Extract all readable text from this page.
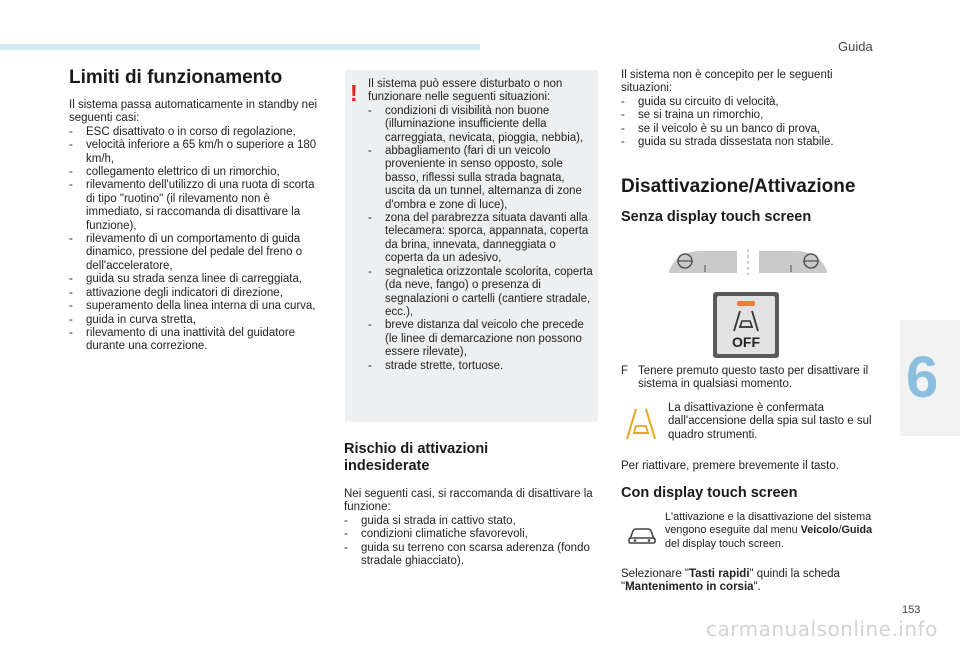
Guida
6
153
carmanualsonline.info

Limiti di funzionamento

Il sistema passa automaticamente in standby nei seguenti casi:

-	ESC disattivato o in corso di regolazione,
-	velocità inferiore a 65 km/h o superiore a 180 km/h,
-	collegamento elettrico di un rimorchio,
-	rilevamento dell'utilizzo di una ruota di scorta di tipo "ruotino" (il rilevamento non è immediato, si raccomanda di disattivare la funzione),
-	rilevamento di un comportamento di guida dinamico, pressione del pedale del freno o dell'acceleratore,
-	guida su strada senza linee di carreggiata,
-	attivazione degli indicatori di direzione,
-	superamento della linea interna di una curva,
-	guida in curva stretta,
-	rilevamento di una inattività del guidatore durante una correzione.
! Il sistema può essere disturbato o non funzionare nelle seguenti situazioni:

-	condizioni di visibilità non buone (illuminazione insufficiente della carreggiata, nevicata, pioggia, nebbia),
-	abbagliamento (fari di un veicolo proveniente in senso opposto, sole basso, riflessi sulla strada bagnata, uscita da un tunnel, alternanza di zone d'ombra e zone di luce),
-	zona del parabrezza situata davanti alla telecamera: sporca, appannata, coperta da brina, innevata, danneggiata o coperta da un adesivo,
-	segnaletica orizzontale scolorita, coperta (da neve, fango) o presenza di segnalazioni o cartelli (cantiere stradale, ecc.),
-	breve distanza dal veicolo che precede (le linee di demarcazione non possono essere rilevate),
-	strade strette, tortuose.

Rischio di attivazioni

indesiderate

Nei seguenti casi, si raccomanda di disattivare la funzione:

-	guida si strada in cattivo stato,
-	condizioni climatiche sfavorevoli,
-	guida su terreno con scarsa aderenza (fondo stradale ghiacciato).

Il sistema non è concepito per le seguenti situazioni:

-	guida su circuito di velocità,
-	se si traina un rimorchio,
-	se il veicolo è su un banco di prova,
-	guida su strada dissestata non stabile.

Disattivazione/Attivazione

Senza display touch screen

OFF
F Tenere premuto questo tasto per disattivare il sistema in qualsiasi momento.

La disattivazione è confermata dall'accensione della spia sul tasto e sul quadro strumenti.

Per riattivare, premere brevemente il tasto.

Con display touch screen

L'attivazione e la disattivazione del sistema vengono eseguite dal menu Veicolo/Guida del display touch screen.

Selezionare "Tasti rapidi" quindi la scheda "Mantenimento in corsia".
